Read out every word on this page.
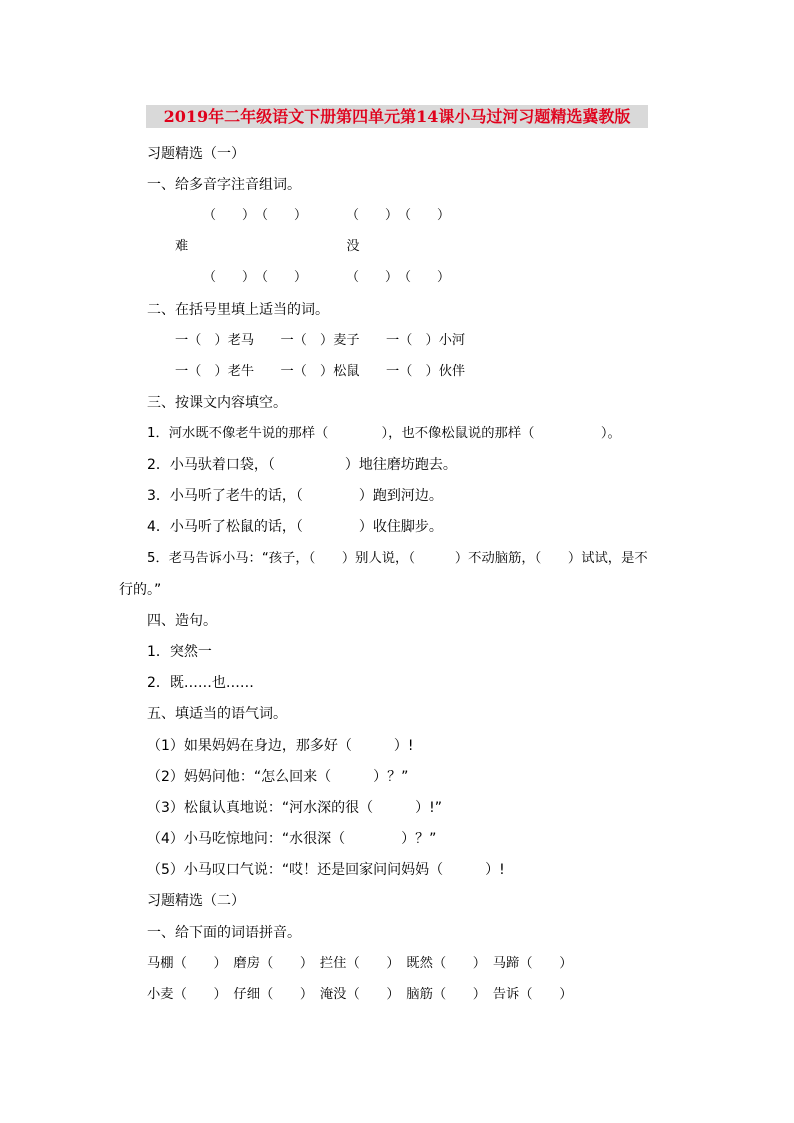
2019年二年级语文下册第四单元第14课小马过河习题精选冀教版
习题精选（一）
一、给多音字注音组词。
（　　）　（　　）　　　　（　　）　（　　）
难　　　　　　　　　　　　没
（　　）　（　　）　　　　（　　）　（　　）
二、在括号里填上适当的词。
一（　）老马　　一（　）麦子　　一（　）小河
一（　）老牛　　一（　）松鼠　　一（　）伙伴
三、按课文内容填空。
1．河水既不像老牛说的那样（　　　　），也不像松鼠说的那样（　　　　　）。
2．小马驮着口袋，（　　　　　）地往磨坊跑去。
3．小马听了老牛的话，（　　　　）跑到河边。
4．小马听了松鼠的话，（　　　　）收住脚步。
5．老马告诉小马：“孩子，（　　）别人说，（　　　）不动脑筋，（　　）试试，是不
行的。”
四、造句。
1．突然一
2．既……也……
五、填适当的语气词。
（1）如果妈妈在身边，那多好（　　　）!
（2）妈妈问他：“怎么回来（　　　）？”
（3）松鼠认真地说：“河水深的很（　　　）!”
（4）小马吃惊地问：“水很深（　　　　）？”
（5）小马叹口气说：“哎！还是回家问问妈妈（　　　）!
习题精选（二）
一、给下面的词语拼音。
马棚（　　）　磨房（　　）　拦住（　　）　既然（　　）　马蹄（　　）
小麦（　　）　仔细（　　）　淹没（　　）　脑筋（　　）　告诉（　　）
